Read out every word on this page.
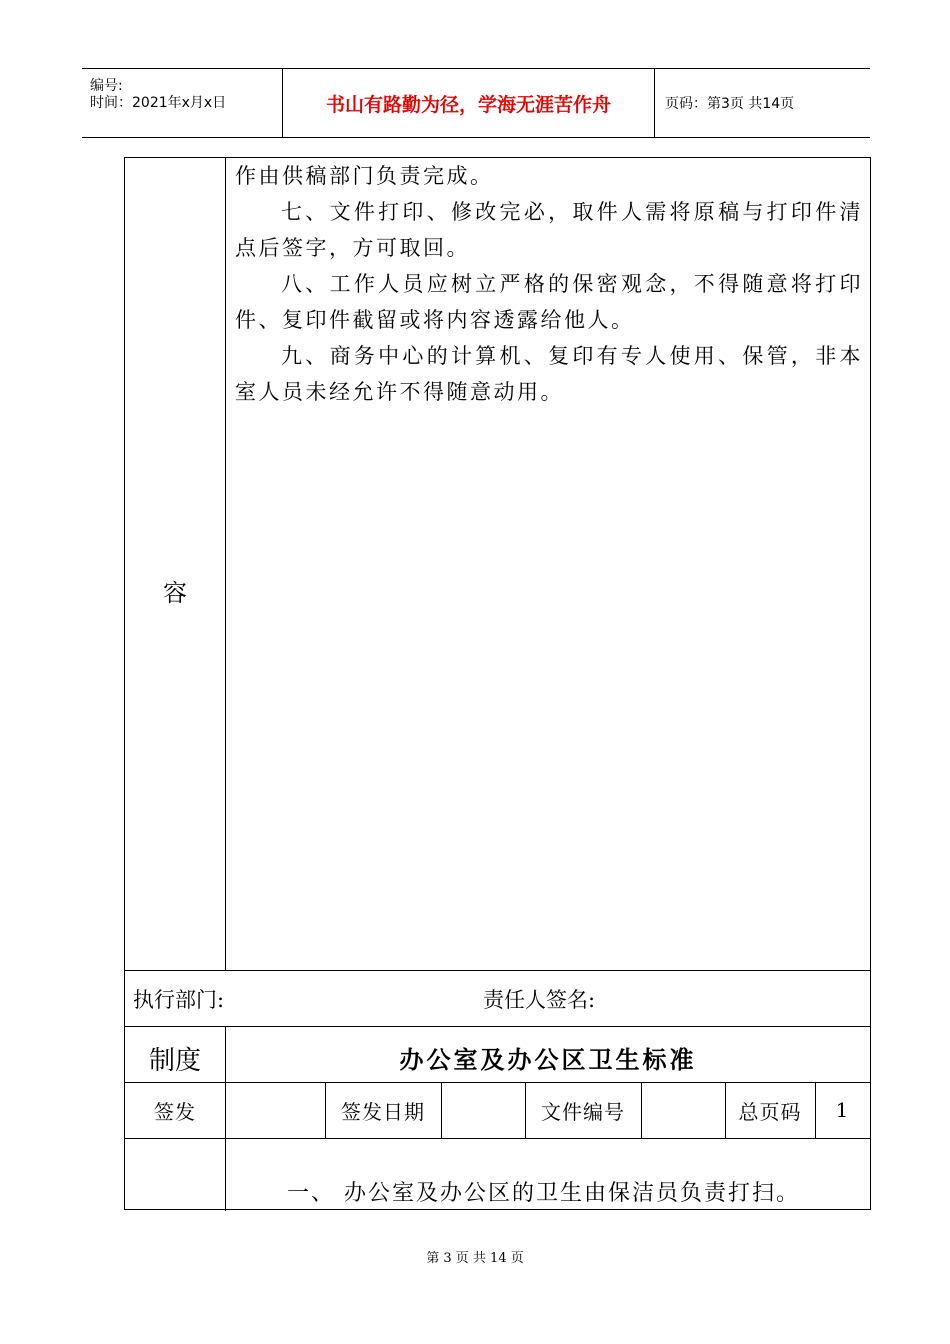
编号:
时间：2021年x月x日	书山有路勤为径，学海无涯苦作舟	页码：第3页 共14页

作由供稿部门负责完成。

七、文件打印、修改完必，取件人需将原稿与打印件清点后签字，方可取回。

八、工作人员应树立严格的保密观念，不得随意将打印件、复印件截留或将内容透露给他人。

九、商务中心的计算机、复印有专人使用、保管，非本室人员未经允许不得随意动用。

容
执行部门:	责任人签名:
制度	办公室及办公区卫生标准
签发	签发日期	文件编号	总页码	1
一、 办公室及办公区的卫生由保洁员负责打扫。
第 3 页 共 14 页
